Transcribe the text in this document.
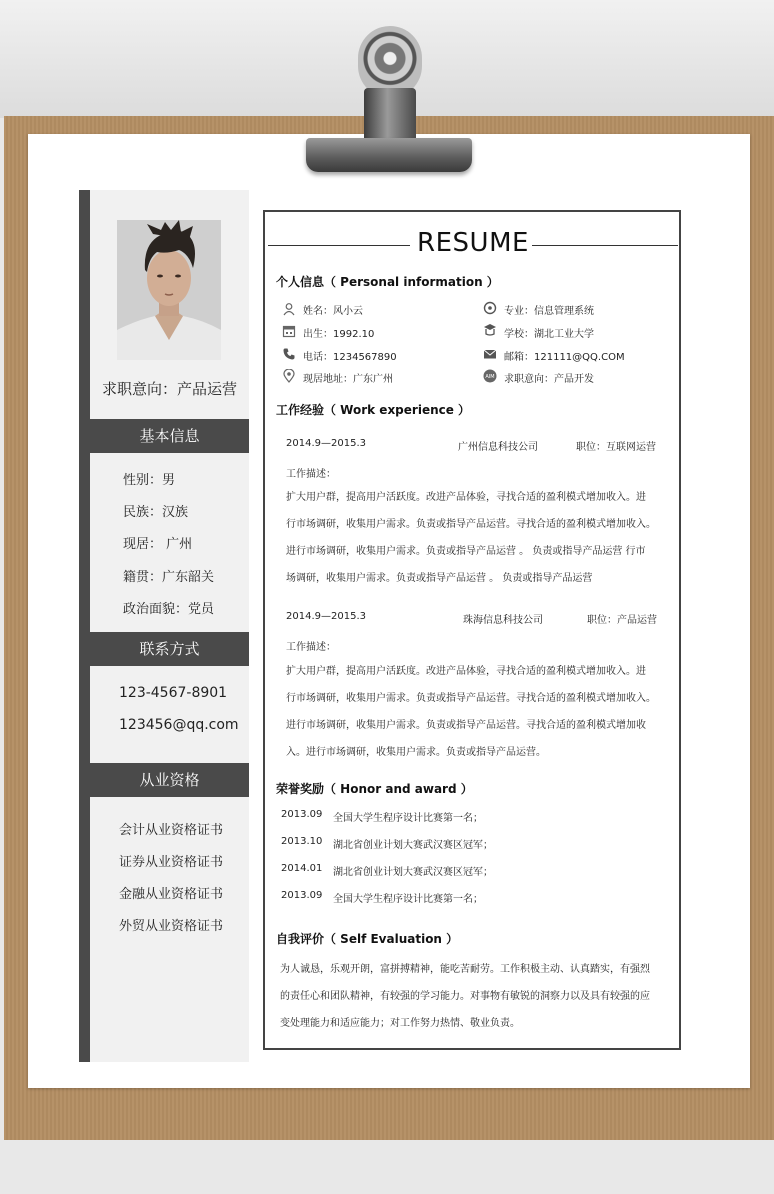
求职意向：产品运营
基本信息
性别：男
民族：汉族
现居： 广州
籍贯：广东韶关
政治面貌：党员
联系方式
123-4567-8901
123456@qq.com
从业资格
会计从业资格证书
证券从业资格证书
金融从业资格证书
外贸从业资格证书
RESUME
个人信息（ Personal information ）
AIM
姓名：风小云	专业：信息管理系统
出生：1992.10	学校：湖北工业大学
电话：1234567890	邮箱：121111@QQ.COM
现居地址：广东广州	求职意向：产品开发
工作经验（ Work experience ）
2014.9—2015.3	广州信息科技公司	职位：互联网运营
工作描述：
扩大用户群，提高用户活跃度。改进产品体验，寻找合适的盈利模式增加收入。进
行市场调研，收集用户需求。负责或指导产品运营。寻找合适的盈利模式增加收入。
进行市场调研，收集用户需求。负责或指导产品运营 。 负责或指导产品运营 行市
场调研，收集用户需求。负责或指导产品运营 。 负责或指导产品运营
2014.9—2015.3	珠海信息科技公司	职位：产品运营
工作描述：
扩大用户群，提高用户活跃度。改进产品体验，寻找合适的盈利模式增加收入。进
行市场调研，收集用户需求。负责或指导产品运营。寻找合适的盈利模式增加收入。
进行市场调研，收集用户需求。负责或指导产品运营。寻找合适的盈利模式增加收
入。进行市场调研，收集用户需求。负责或指导产品运营。
荣誉奖励（ Honor and award ）
2013.09 全国大学生程序设计比赛第一名；
2013.10 湖北省创业计划大赛武汉赛区冠军；
2014.01 湖北省创业计划大赛武汉赛区冠军；
2013.09 全国大学生程序设计比赛第一名；
自我评价（ Self Evaluation ）
为人诚恳，乐观开朗，富拼搏精神，能吃苦耐劳。工作积极主动、认真踏实，有强烈
的责任心和团队精神，有较强的学习能力。对事物有敏锐的洞察力以及具有较强的应
变处理能力和适应能力；对工作努力热情、敬业负责。
